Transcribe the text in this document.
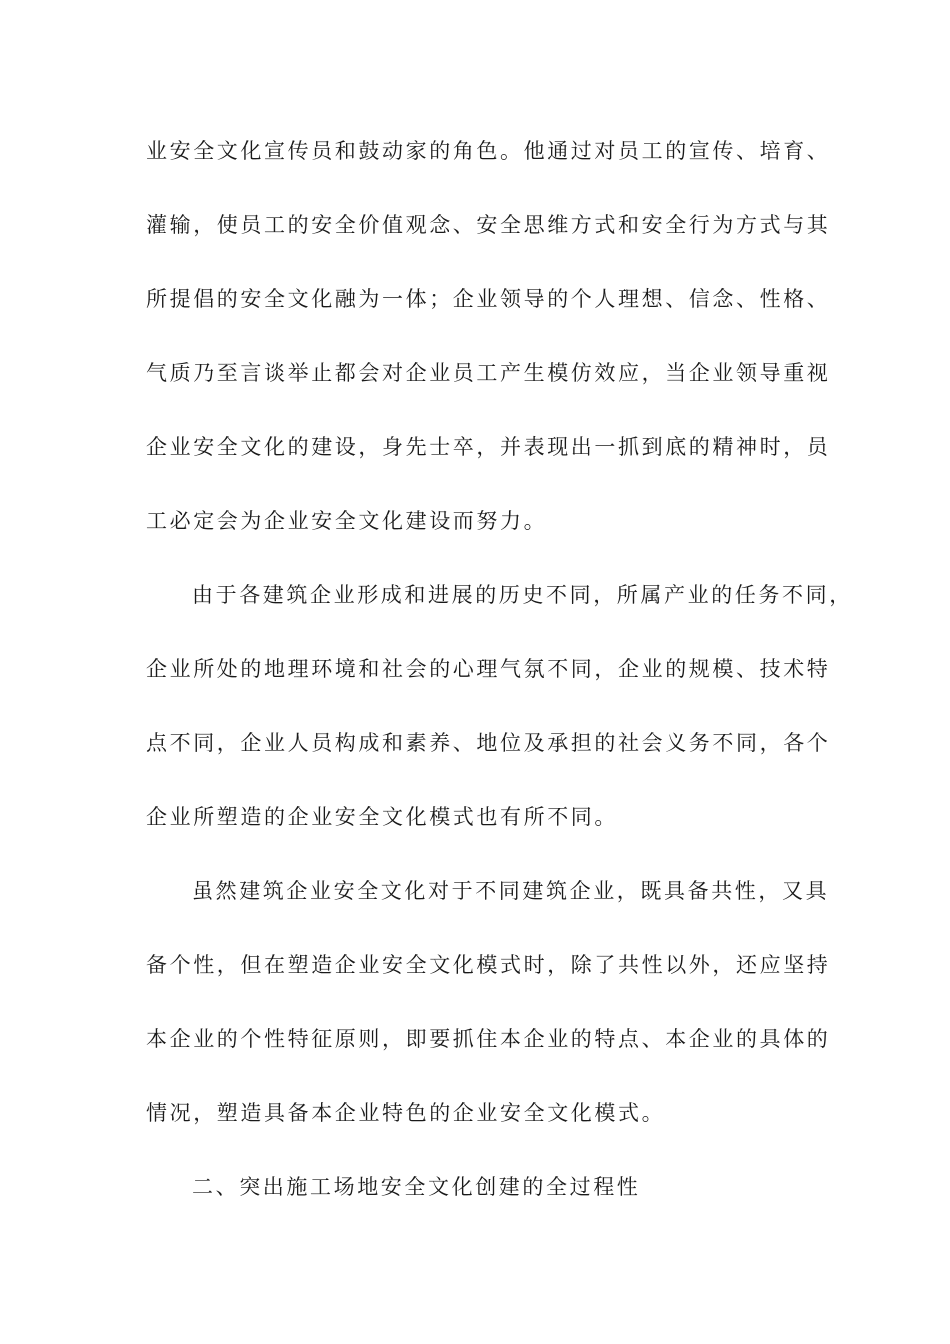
业安全文化宣传员和鼓动家的角色。他通过对员工的宣传、培育、
灌输，使员工的安全价值观念、安全思维方式和安全行为方式与其
所提倡的安全文化融为一体；企业领导的个人理想、信念、性格、
气质乃至言谈举止都会对企业员工产生模仿效应，当企业领导重视
企业安全文化的建设，身先士卒，并表现出一抓到底的精神时，员
工必定会为企业安全文化建设而努力。
由于各建筑企业形成和进展的历史不同，所属产业的任务不同，
企业所处的地理环境和社会的心理气氛不同，企业的规模、技术特
点不同，企业人员构成和素养、地位及承担的社会义务不同，各个
企业所塑造的企业安全文化模式也有所不同。
虽然建筑企业安全文化对于不同建筑企业，既具备共性，又具
备个性，但在塑造企业安全文化模式时，除了共性以外，还应坚持
本企业的个性特征原则，即要抓住本企业的特点、本企业的具体的
情况，塑造具备本企业特色的企业安全文化模式。
二、突出施工场地安全文化创建的全过程性
